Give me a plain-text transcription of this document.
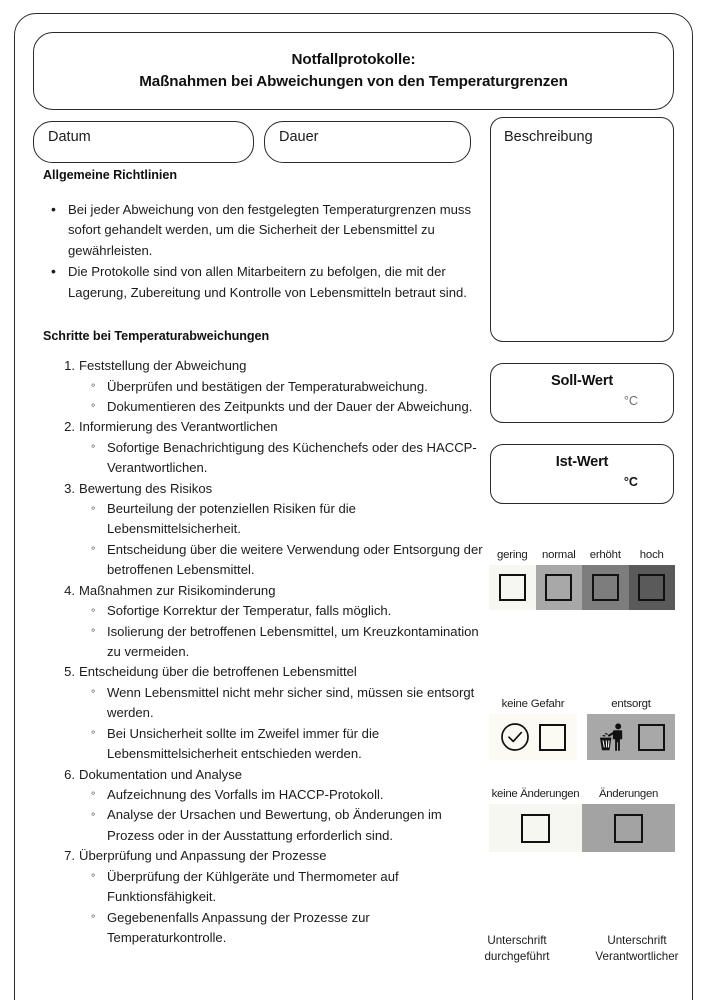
Notfallprotokolle:
Maßnahmen bei Abweichungen von den Temperaturgrenzen
Datum	Dauer	Beschreibung
Allgemeine Richtlinien
• Bei jeder Abweichung von den festgelegten Temperaturgrenzen muss sofort gehandelt werden, um die Sicherheit der Lebensmittel zu gewährleisten.
• Die Protokolle sind von allen Mitarbeitern zu befolgen, die mit der Lagerung, Zubereitung und Kontrolle von Lebensmitteln betraut sind.
Schritte bei Temperaturabweichungen
Feststellung der Abweichung
◦ Überprüfen und bestätigen der Temperaturabweichung.
◦ Dokumentieren des Zeitpunkts und der Dauer der Abweichung.
Informierung des Verantwortlichen
◦ Sofortige Benachrichtigung des Küchenchefs oder des HACCP-Verantwortlichen.
Bewertung des Risikos
◦ Beurteilung der potenziellen Risiken für die Lebensmittelsicherheit.
◦ Entscheidung über die weitere Verwendung oder Entsorgung der betroffenen Lebensmittel.
Maßnahmen zur Risikominderung
◦ Sofortige Korrektur der Temperatur, falls möglich.
◦ Isolierung der betroffenen Lebensmittel, um Kreuzkontamination zu vermeiden.
Entscheidung über die betroffenen Lebensmittel
◦ Wenn Lebensmittel nicht mehr sicher sind, müssen sie entsorgt werden.
◦ Bei Unsicherheit sollte im Zweifel immer für die Lebensmittelsicherheit entschieden werden.
Dokumentation und Analyse
◦ Aufzeichnung des Vorfalls im HACCP-Protokoll.
◦ Analyse der Ursachen und Bewertung, ob Änderungen im Prozess oder in der Ausstattung erforderlich sind.
Überprüfung und Anpassung der Prozesse
◦ Überprüfung der Kühlgeräte und Thermometer auf Funktionsfähigkeit.
◦ Gegebenenfalls Anpassung der Prozesse zur Temperaturkontrolle.
Soll-Wert
°C
Ist-Wert
°C
gering normal erhöht hoch
keine Gefahr	entsorgt
keine Änderungen	Änderungen
Unterschrift
durchgeführt
Unterschrift
Verantwortlicher
